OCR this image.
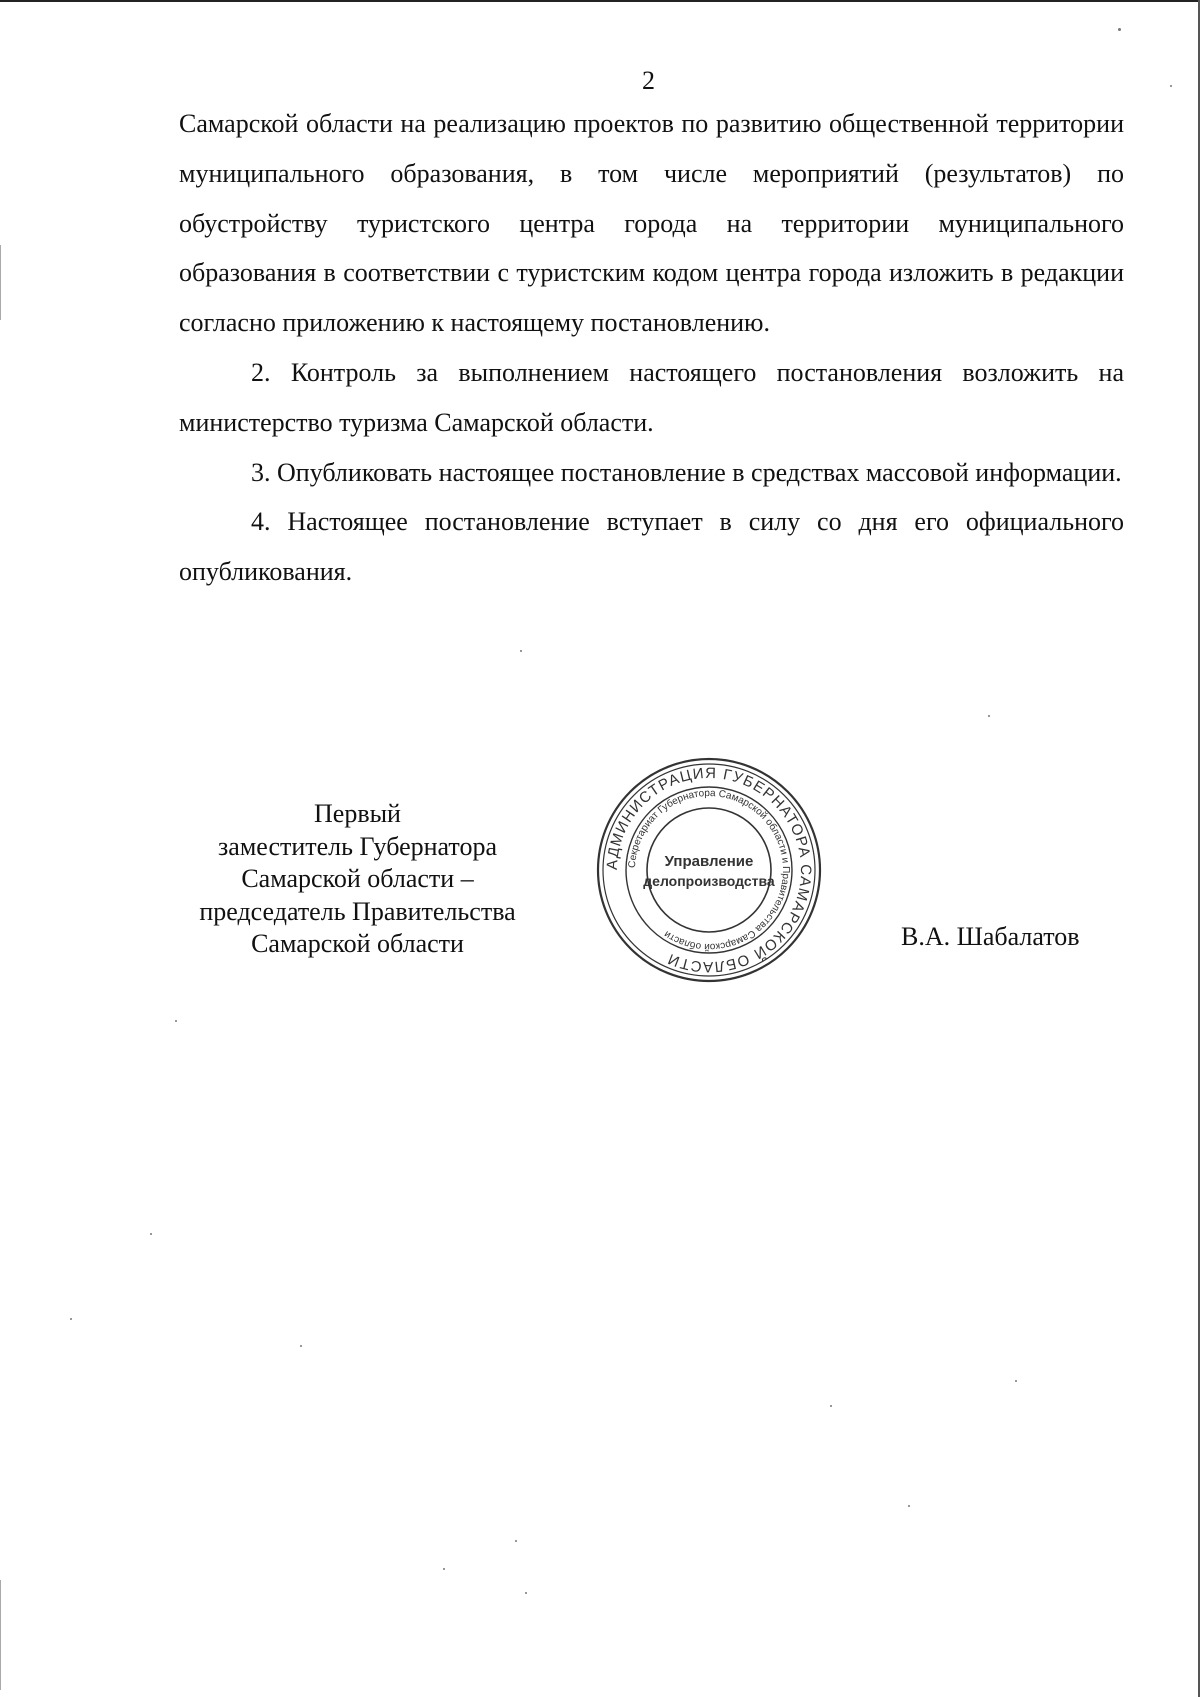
2

Самарской области на реализацию проектов по развитию общественной территории муниципального образования, в том числе мероприятий (результатов) по обустройству туристского центра города на территории муниципального образования в соответствии с туристским кодом центра города изложить в редакции согласно приложению к настоящему постановлению.

2. Контроль за выполнением настоящего постановления возложить на министерство туризма Самарской области.

3. Опубликовать настоящее постановление в средствах массовой информации.

4. Настоящее постановление вступает в силу со дня его официального опубликования.

Первый
заместитель Губернатора
Самарской области –
председатель Правительства
Самарской области
АДМИНИСТРАЦИЯ ГУБЕРНАТОРА САМАРСКОЙ ОБЛАСТИ
Секретариат Губернатора Самарской области и Правительства Самарской области
Управление
делопроизводства
В.А. Шабалатов
